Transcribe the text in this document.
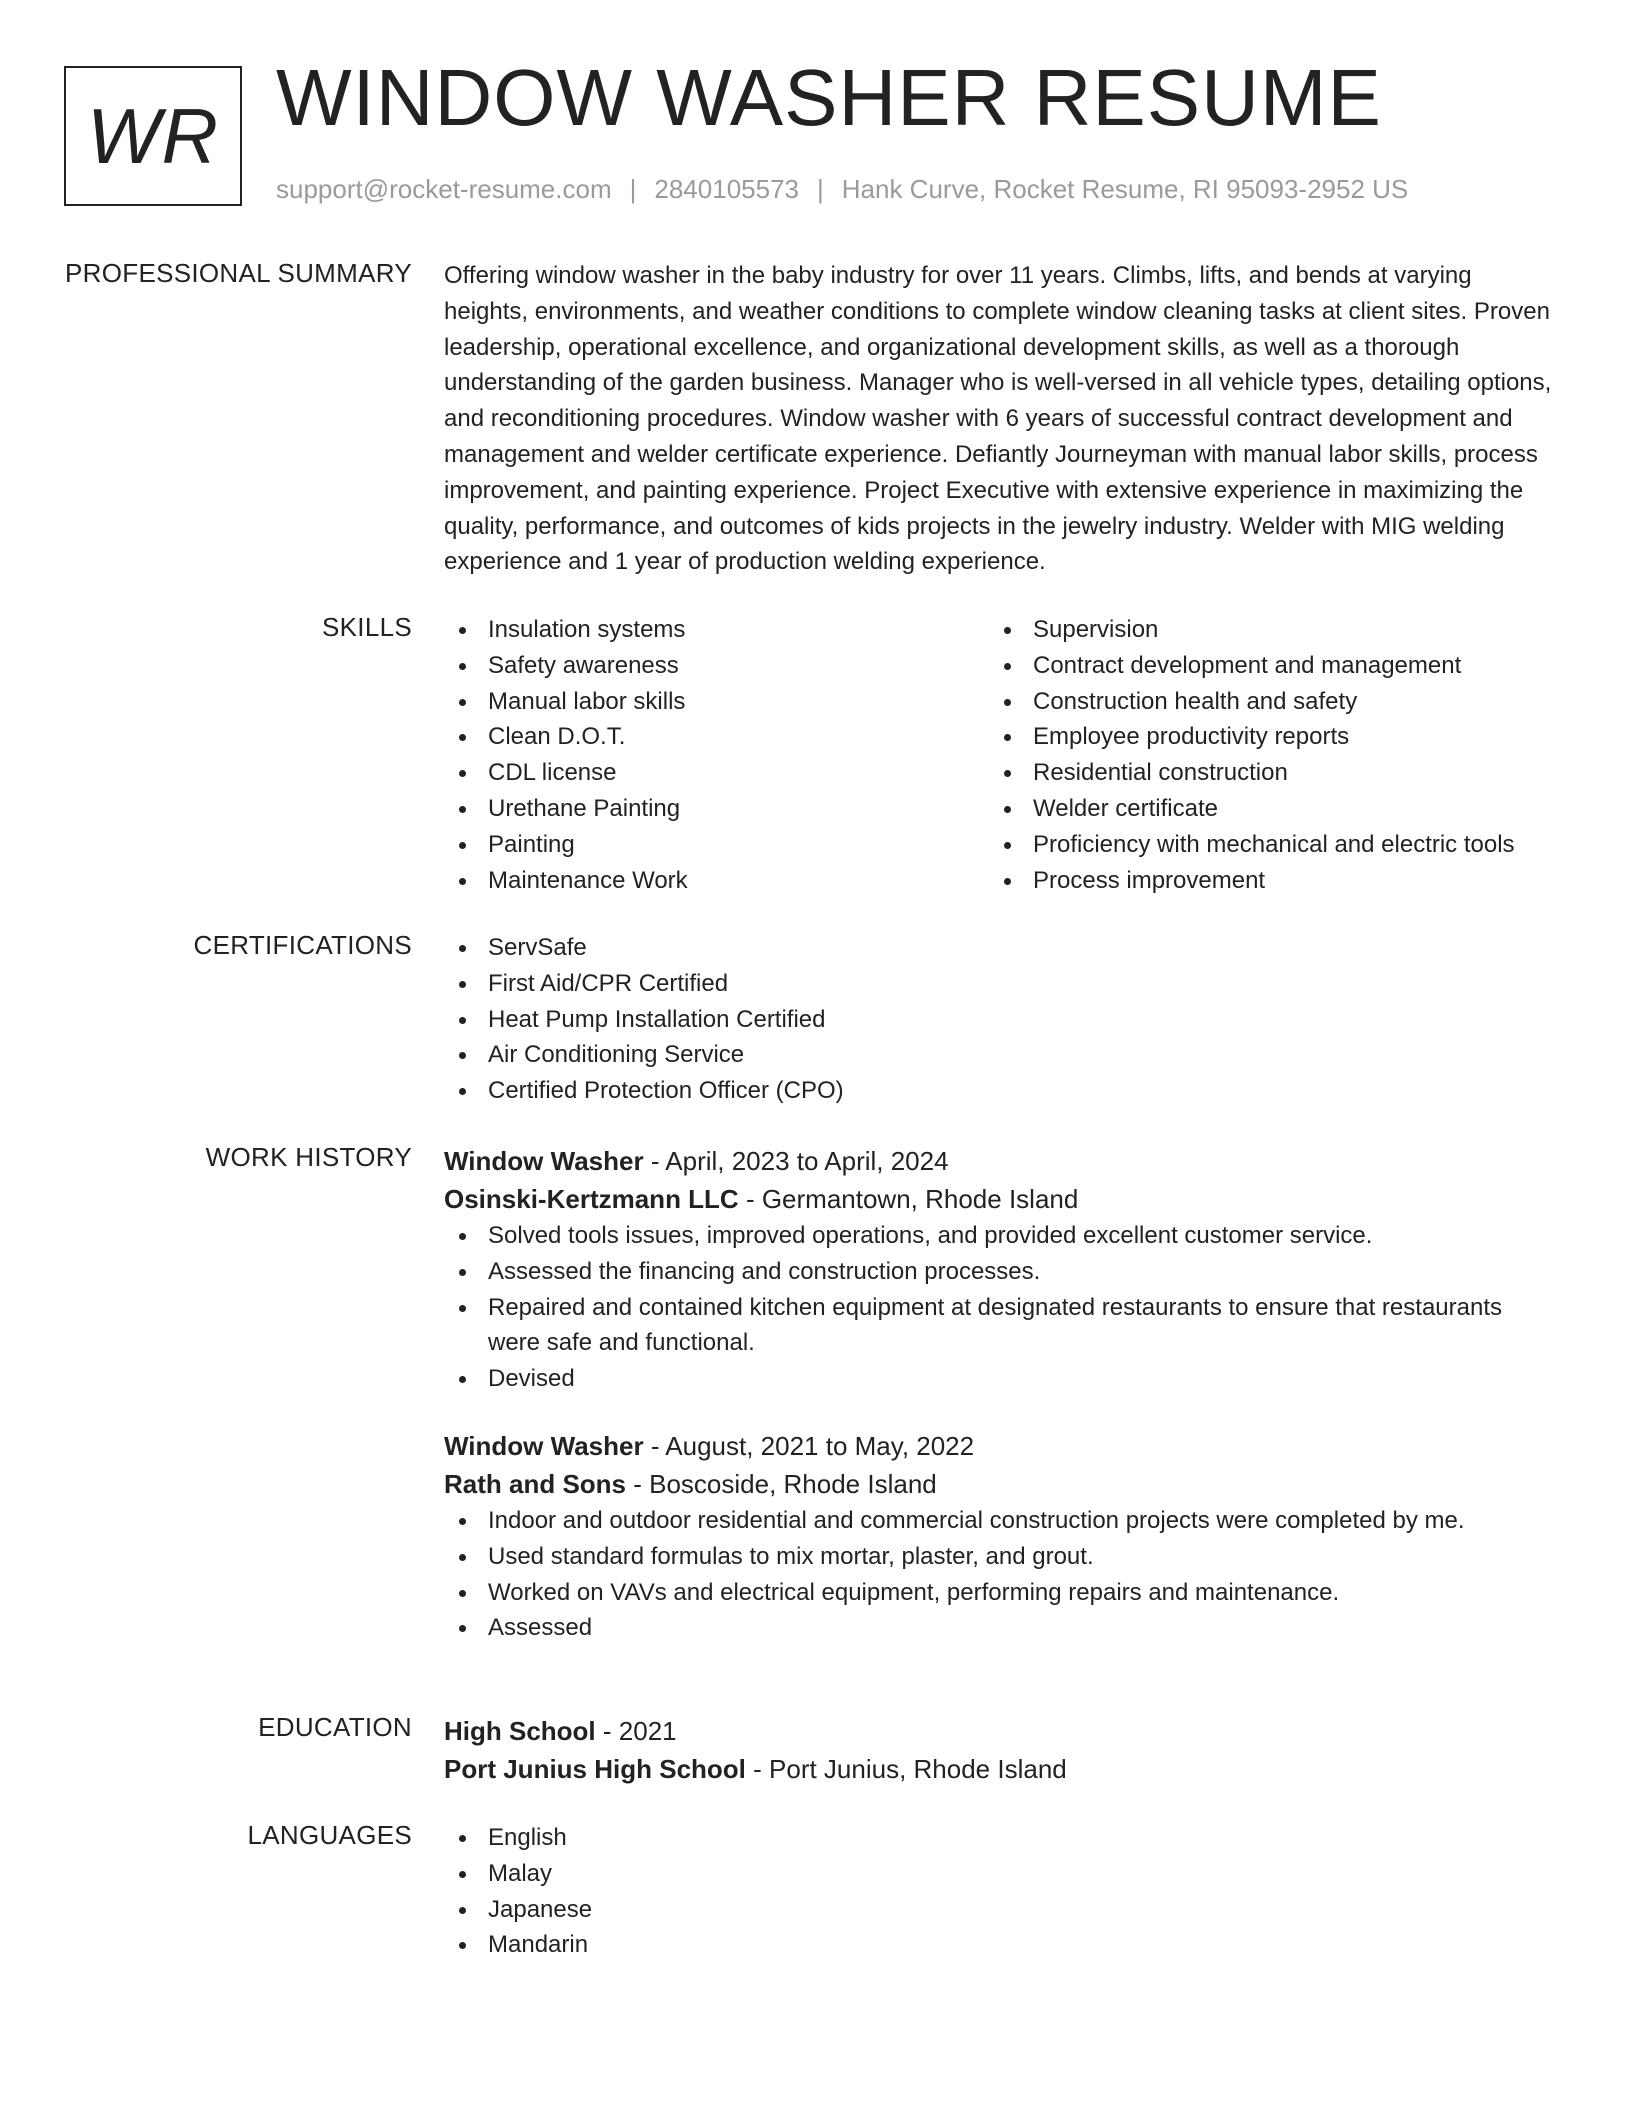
WR WINDOW WASHER RESUME
support@rocket-resume.com | 2840105573 | Hank Curve, Rocket Resume, RI 95093-2952 US
PROFESSIONAL SUMMARY Offering window washer in the baby industry for over 11 years. Climbs, lifts, and bends at varying heights, environments, and weather conditions to complete window cleaning tasks at client sites. Proven leadership, operational excellence, and organizational development skills, as well as a thorough understanding of the garden business. Manager who is well-versed in all vehicle types, detailing options, and reconditioning procedures. Window washer with 6 years of successful contract development and management and welder certificate experience. Defiantly Journeyman with manual labor skills, process improvement, and painting experience. Project Executive with extensive experience in maximizing the quality, performance, and outcomes of kids projects in the jewelry industry. Welder with MIG welding experience and 1 year of production welding experience.

SKILLS	Insulation systems
Safety awareness
Manual labor skills
Clean D.O.T.
CDL license
Urethane Painting
Painting
Maintenance Work
Supervision
Contract development and management
Construction health and safety
Employee productivity reports
Residential construction
Welder certificate
Proficiency with mechanical and electric tools
Process improvement
CERTIFICATIONS	ServSafe
First Aid/CPR Certified
Heat Pump Installation Certified
Air Conditioning Service
Certified Protection Officer (CPO)
WORK HISTORY Window Washer - April, 2023 to April, 2024
Osinski-Kertzmann LLC - Germantown, Rhode Island
Solved tools issues, improved operations, and provided excellent customer service.
Assessed the financing and construction processes.
Repaired and contained kitchen equipment at designated restaurants to ensure that restaurants were safe and functional.
Devised
Window Washer - August, 2021 to May, 2022
Rath and Sons - Boscoside, Rhode Island
Indoor and outdoor residential and commercial construction projects were completed by me.
Used standard formulas to mix mortar, plaster, and grout.
Worked on VAVs and electrical equipment, performing repairs and maintenance.
Assessed
EDUCATION High School - 2021
Port Junius High School - Port Junius, Rhode Island
LANGUAGES	English
Malay
Japanese
Mandarin
